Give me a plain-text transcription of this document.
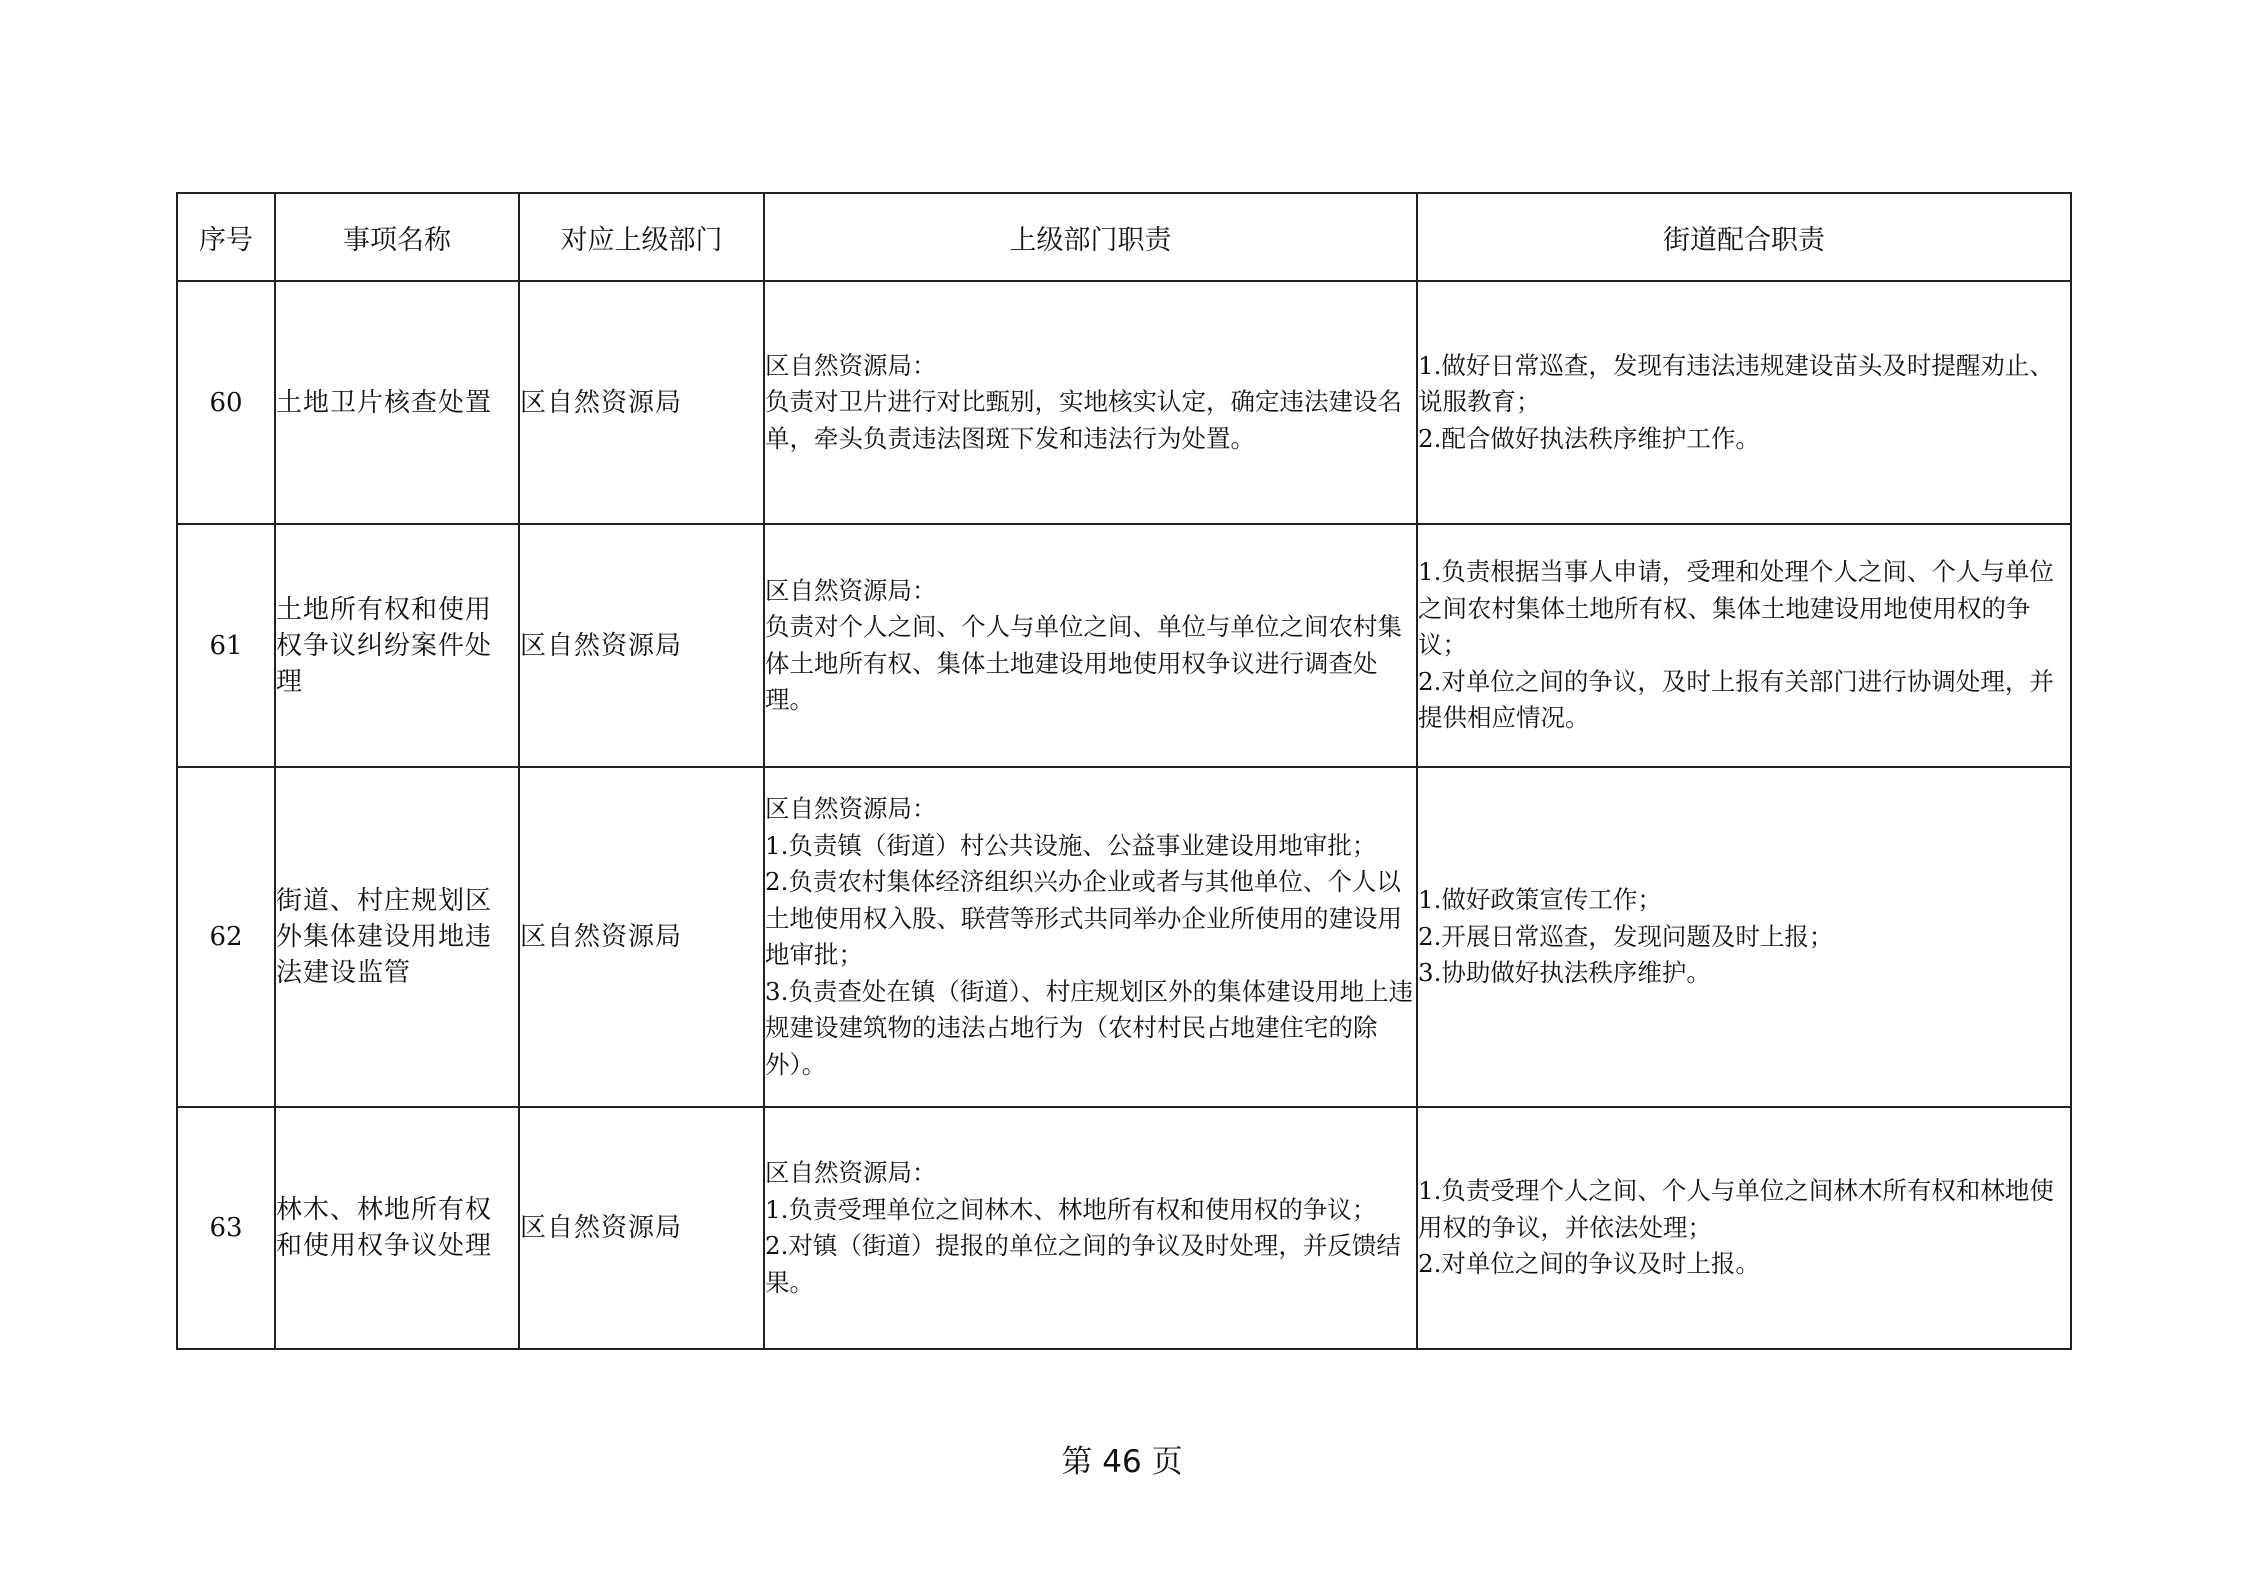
序号	事项名称	对应上级部门	上级部门职责	街道配合职责
60	土地卫片核查处置	区自然资源局	区自然资源局：
负责对卫片进行对比甄别，实地核实认定，确定违法建设名单，牵头负责违法图斑下发和违法行为处置。	1.做好日常巡查，发现有违法违规建设苗头及时提醒劝止、说服教育；
2.配合做好执法秩序维护工作。

61	土地所有权和使用权争议纠纷案件处理	区自然资源局	区自然资源局：
负责对个人之间、个人与单位之间、单位与单位之间农村集体土地所有权、集体土地建设用地使用权争议进行调查处理。	1.负责根据当事人申请，受理和处理个人之间、个人与单位之间农村集体土地所有权、集体土地建设用地使用权的争议；
2.对单位之间的争议，及时上报有关部门进行协调处理，并提供相应情况。

62	街道、村庄规划区外集体建设用地违法建设监管	区自然资源局	区自然资源局：
1.负责镇（街道）村公共设施、公益事业建设用地审批；
2.负责农村集体经济组织兴办企业或者与其他单位、个人以土地使用权入股、联营等形式共同举办企业所使用的建设用地审批；
3.负责查处在镇（街道）、村庄规划区外的集体建设用地上违规建设建筑物的违法占地行为（农村村民占地建住宅的除外）。	1.做好政策宣传工作；
2.开展日常巡查，发现问题及时上报；
3.协助做好执法秩序维护。

63	林木、林地所有权和使用权争议处理	区自然资源局	区自然资源局：
1.负责受理单位之间林木、林地所有权和使用权的争议；
2.对镇（街道）提报的单位之间的争议及时处理，并反馈结果。	1.负责受理个人之间、个人与单位之间林木所有权和林地使用权的争议，并依法处理；
2.对单位之间的争议及时上报。
第 46 页
